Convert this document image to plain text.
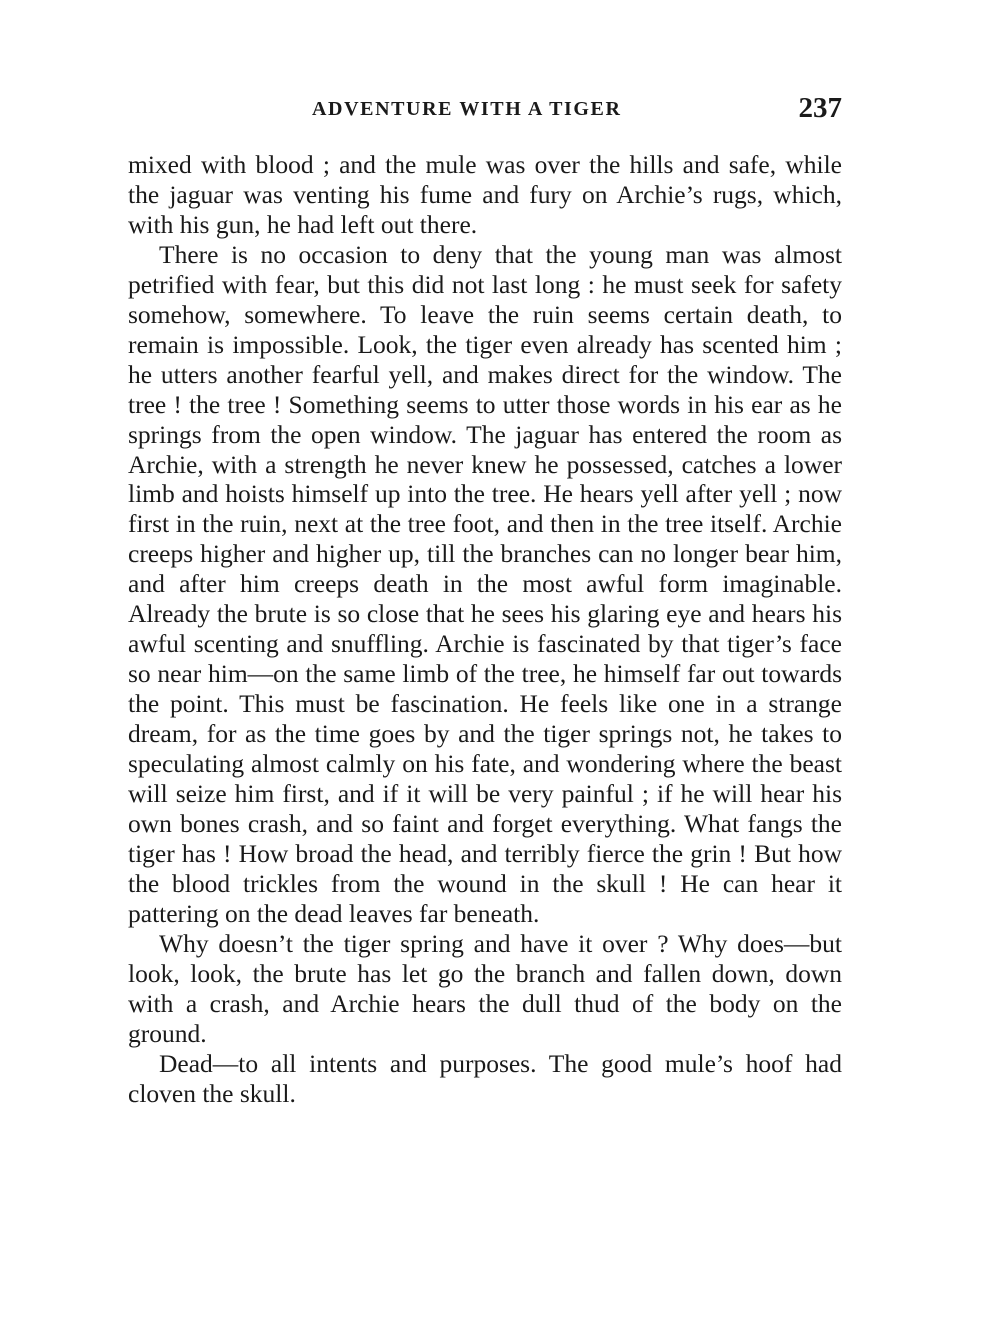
ADVENTURE WITH A TIGER	237

mixed with blood ; and the mule was over the hills and safe, while the jaguar was venting his fume and fury on Archie’s rugs, which, with his gun, he had left out there.

There is no occasion to deny that the young man was almost petrified with fear, but this did not last long : he must seek for safety somehow, somewhere. To leave the ruin seems certain death, to remain is impossible. Look, the tiger even already has scented him ; he utters another fearful yell, and makes direct for the window. The tree ! the tree ! Something seems to utter those words in his ear as he springs from the open window. The jaguar has entered the room as Archie, with a strength he never knew he possessed, catches a lower limb and hoists himself up into the tree. He hears yell after yell ; now first in the ruin, next at the tree foot, and then in the tree itself. Archie creeps higher and higher up, till the branches can no longer bear him, and after him creeps death in the most awful form imaginable. Already the brute is so close that he sees his glaring eye and hears his awful scenting and snuffling. Archie is fascinated by that tiger’s face so near him—on the same limb of the tree, he himself far out towards the point. This must be fascination. He feels like one in a strange dream, for as the time goes by and the tiger springs not, he takes to speculating almost calmly on his fate, and wondering where the beast will seize him first, and if it will be very painful ; if he will hear his own bones crash, and so faint and forget everything. What fangs the tiger has ! How broad the head, and terribly fierce the grin ! But how the blood trickles from the wound in the skull ! He can hear it pattering on the dead leaves far beneath.

Why doesn’t the tiger spring and have it over ? Why does—but look, look, the brute has let go the branch and fallen down, down with a crash, and Archie hears the dull thud of the body on the ground.

Dead—to all intents and purposes. The good mule’s hoof had cloven the skull.
